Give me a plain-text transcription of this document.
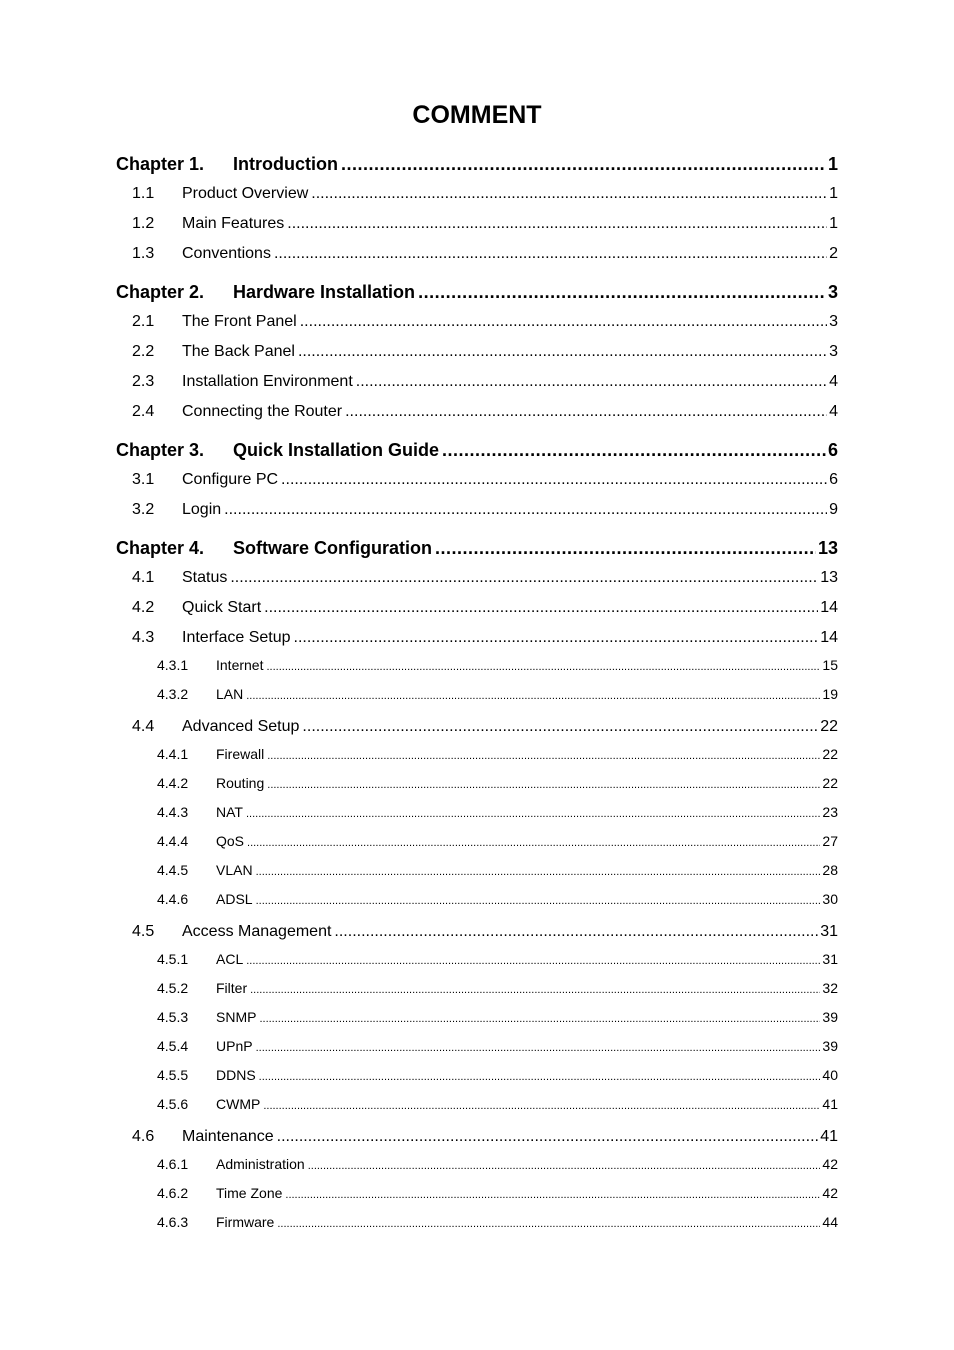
COMMENT
Chapter 1.	Introduction .....	1
1.1	Product Overview .....	1
1.2	Main Features .....	1
1.3	Conventions .....	2
Chapter 2.	Hardware Installation .....	3
2.1	The Front Panel .....	3
2.2	The Back Panel .....	3
2.3	Installation Environment .....	4
2.4	Connecting the Router .....	4
Chapter 3.	Quick Installation Guide .....	6
3.1	Configure PC .....	6
3.2	Login .....	9
Chapter 4.	Software Configuration .....	13
4.1	Status .....	13
4.2	Quick Start .....	14
4.3	Interface Setup .....	14
4.3.1	Internet .....	15
4.3.2	LAN .....	19
4.4	Advanced Setup .....	22
4.4.1	Firewall .....	22
4.4.2	Routing .....	22
4.4.3	NAT .....	23
4.4.4	QoS .....	27
4.4.5	VLAN .....	28
4.4.6	ADSL .....	30
4.5	Access Management .....	31
4.5.1	ACL .....	31
4.5.2	Filter .....	32
4.5.3	SNMP .....	39
4.5.4	UPnP .....	39
4.5.5	DDNS .....	40
4.5.6	CWMP .....	41
4.6	Maintenance .....	41
4.6.1	Administration .....	42
4.6.2	Time Zone .....	42
4.6.3	Firmware .....	44
